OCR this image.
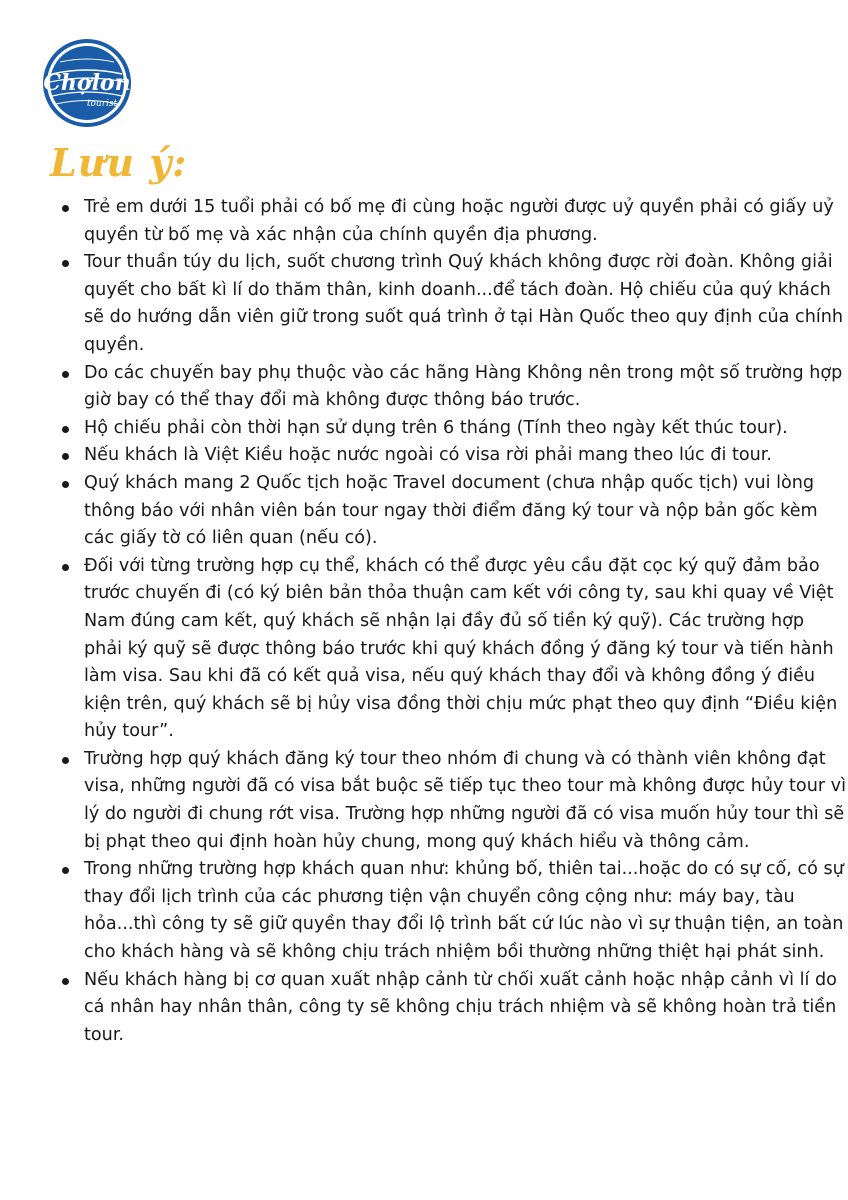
Chợlon
tourist
Lưu ý:
Trẻ em dưới 15 tuổi phải có bố mẹ đi cùng hoặc người được uỷ quyền phải có giấy uỷ quyền từ bố mẹ và xác nhận của chính quyền địa phương.
Tour thuần túy du lịch, suốt chương trình Quý khách không được rời đoàn. Không giải quyết cho bất kì lí do thăm thân, kinh doanh...để tách đoàn. Hộ chiếu của quý khách sẽ do hướng dẫn viên giữ trong suốt quá trình ở tại Hàn Quốc theo quy định của chính quyền.
Do các chuyến bay phụ thuộc vào các hãng Hàng Không nên trong một số trường hợp giờ bay có thể thay đổi mà không được thông báo trước.
Hộ chiếu phải còn thời hạn sử dụng trên 6 tháng (Tính theo ngày kết thúc tour).
Nếu khách là Việt Kiều hoặc nước ngoài có visa rời phải mang theo lúc đi tour.
Quý khách mang 2 Quốc tịch hoặc Travel document (chưa nhập quốc tịch) vui lòng thông báo với nhân viên bán tour ngay thời điểm đăng ký tour và nộp bản gốc kèm các giấy tờ có liên quan (nếu có).
Đối với từng trường hợp cụ thể, khách có thể được yêu cầu đặt cọc ký quỹ đảm bảo trước chuyến đi (có ký biên bản thỏa thuận cam kết với công ty, sau khi quay về Việt Nam đúng cam kết, quý khách sẽ nhận lại đầy đủ số tiền ký quỹ). Các trường hợp phải ký quỹ sẽ được thông báo trước khi quý khách đồng ý đăng ký tour và tiến hành làm visa. Sau khi đã có kết quả visa, nếu quý khách thay đổi và không đồng ý điều kiện trên, quý khách sẽ bị hủy visa đồng thời chịu mức phạt theo quy định “Điều kiện hủy tour”.
Trường hợp quý khách đăng ký tour theo nhóm đi chung và có thành viên không đạt visa, những người đã có visa bắt buộc sẽ tiếp tục theo tour mà không được hủy tour vì lý do người đi chung rớt visa. Trường hợp những người đã có visa muốn hủy tour thì sẽ bị phạt theo qui định hoàn hủy chung, mong quý khách hiểu và thông cảm.
Trong những trường hợp khách quan như: khủng bố, thiên tai...hoặc do có sự cố, có sự thay đổi lịch trình của các phương tiện vận chuyển công cộng như: máy bay, tàu hỏa...thì công ty sẽ giữ quyền thay đổi lộ trình bất cứ lúc nào vì sự thuận tiện, an toàn cho khách hàng và sẽ không chịu trách nhiệm bồi thường những thiệt hại phát sinh.
Nếu khách hàng bị cơ quan xuất nhập cảnh từ chối xuất cảnh hoặc nhập cảnh vì lí do cá nhân hay nhân thân, công ty sẽ không chịu trách nhiệm và sẽ không hoàn trả tiền tour.
